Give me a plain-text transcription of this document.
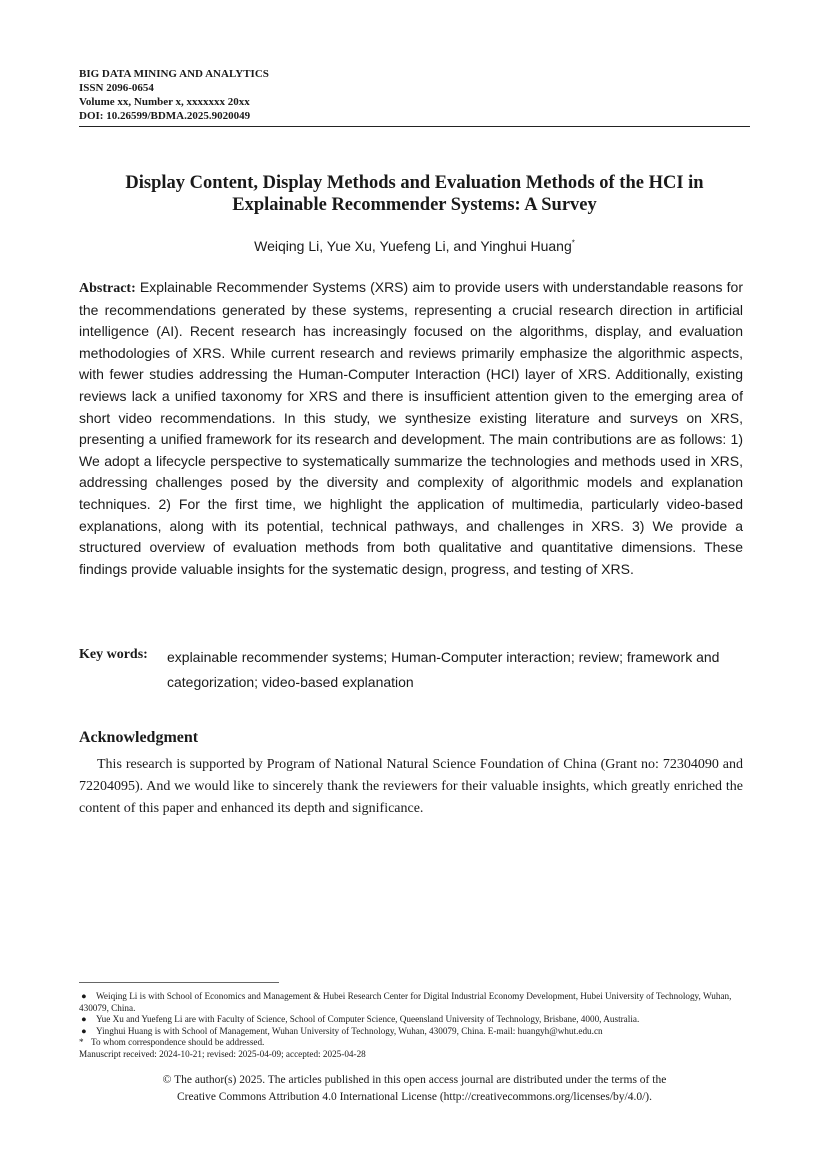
BIG DATA MINING AND ANALYTICS
ISSN 2096-0654
Volume xx, Number x, xxxxxxx 20xx
DOI: 10.26599/BDMA.2025.9020049
Display Content, Display Methods and Evaluation Methods of the HCI in
Explainable Recommender Systems: A Survey
Weiqing Li, Yue Xu, Yuefeng Li, and Yinghui Huang*

Abstract: Explainable Recommender Systems (XRS) aim to provide users with understandable reasons for the recommendations generated by these systems, representing a crucial research direction in artificial intelligence (AI). Recent research has increasingly focused on the algorithms, display, and evaluation methodologies of XRS. While current research and reviews primarily emphasize the algorithmic aspects, with fewer studies addressing the Human-Computer Interaction (HCI) layer of XRS. Additionally, existing reviews lack a unified taxonomy for XRS and there is insufficient attention given to the emerging area of short video recommendations. In this study, we synthesize existing literature and surveys on XRS, presenting a unified framework for its research and development. The main contributions are as follows: 1) We adopt a lifecycle perspective to systematically summarize the technologies and methods used in XRS, addressing challenges posed by the diversity and complexity of algorithmic models and explanation techniques. 2) For the first time, we highlight the application of multimedia, particularly video-based explanations, along with its potential, technical pathways, and challenges in XRS. 3) We provide a structured overview of evaluation methods from both qualitative and quantitative dimensions. These findings provide valuable insights for the systematic design, progress, and testing of XRS.

Key words: explainable recommender systems; Human-Computer interaction; review; framework and categorization; video-based explanation

Acknowledgment

This research is supported by Program of National Natural Science Foundation of China (Grant no: 72304090 and 72204095). And we would like to sincerely thank the reviewers for their valuable insights, which greatly enriched the content of this paper and enhanced its depth and significance.

● Weiqing Li is with School of Economics and Management & Hubei Research Center for Digital Industrial Economy Development, Hubei University of Technology, Wuhan, 430079, China.
● Yue Xu and Yuefeng Li are with Faculty of Science, School of Computer Science, Queensland University of Technology, Brisbane, 4000, Australia.
● Yinghui Huang is with School of Management, Wuhan University of Technology, Wuhan, 430079, China. E-mail: huangyh@whut.edu.cn
* To whom correspondence should be addressed.
Manuscript received: 2024-10-21; revised: 2025-04-09; accepted: 2025-04-28
© The author(s) 2025. The articles published in this open access journal are distributed under the terms of the
Creative Commons Attribution 4.0 International License (http://creativecommons.org/licenses/by/4.0/).
